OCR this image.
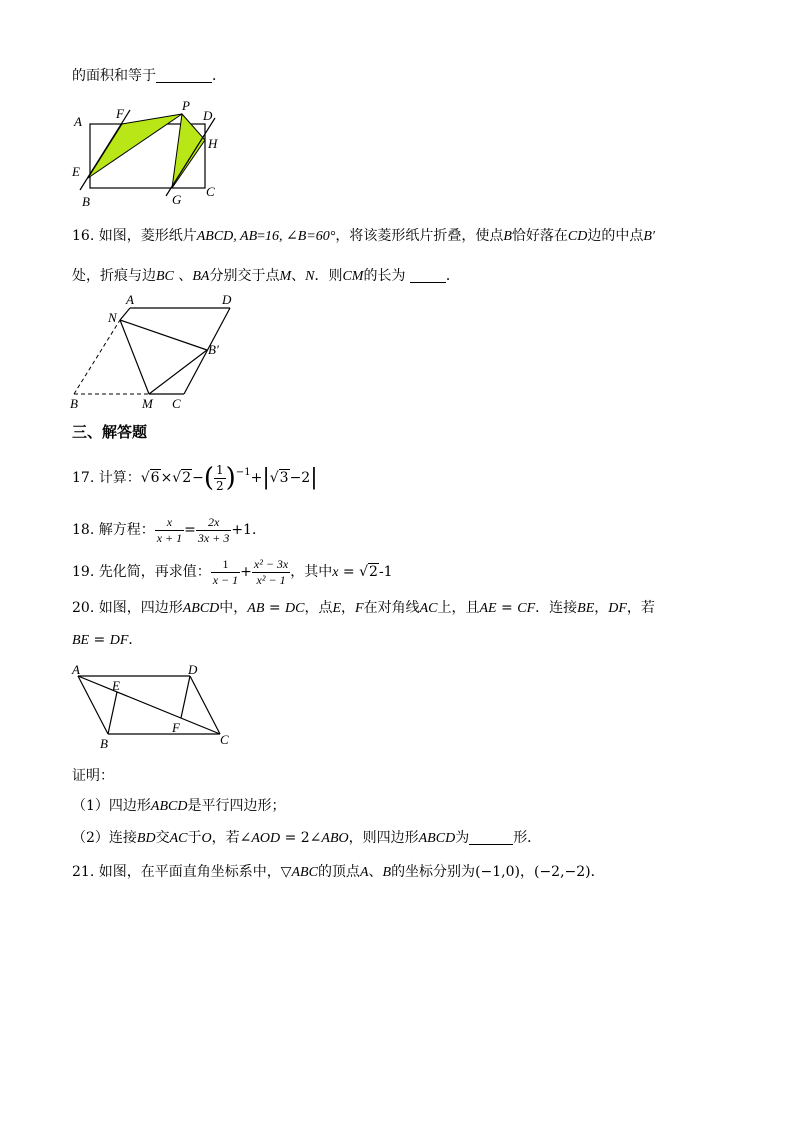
的面积和等于	．
A
F
P
D
H
E
B	G
C
16. 如图，菱形纸片ABCD, AB=16, ∠B=60°，将该菱形纸片折叠，使点B恰好落在CD边的中点B′
处，折痕与边BC 、BA分别交于点M、N．则CM的长为	．
A	D
N
B′
B	M C
三、解答题
17. 计算：$√6\times√2-( \frac{1}{2} )^{-1}+|√3-2|$
18. 解方程： $\frac{x}{x + 1} = \frac{2x}{3x + 3} +1$．
19. 先化简，再求值： $\frac{1}{x - 1} + \frac{\text{x² − 3x}}{\text{x² − 1}}$ ，其中x = √2-1
20. 如图，四边形ABCD中，AB = DC，点E，F在对角线AC上，且AE = CF．连接BE，DF，若
BE = DF．
A	D
E
F
B	C
证明：
（1）四边形ABCD是平行四边形；
（2）连接BD交AC于O，若∠AOD = 2∠ABO，则四边形ABCD为	形．
21. 如图，在平面直角坐标系中，▽ABC的顶点A、B的坐标分别为(−1,0)，(−2,−2)．
